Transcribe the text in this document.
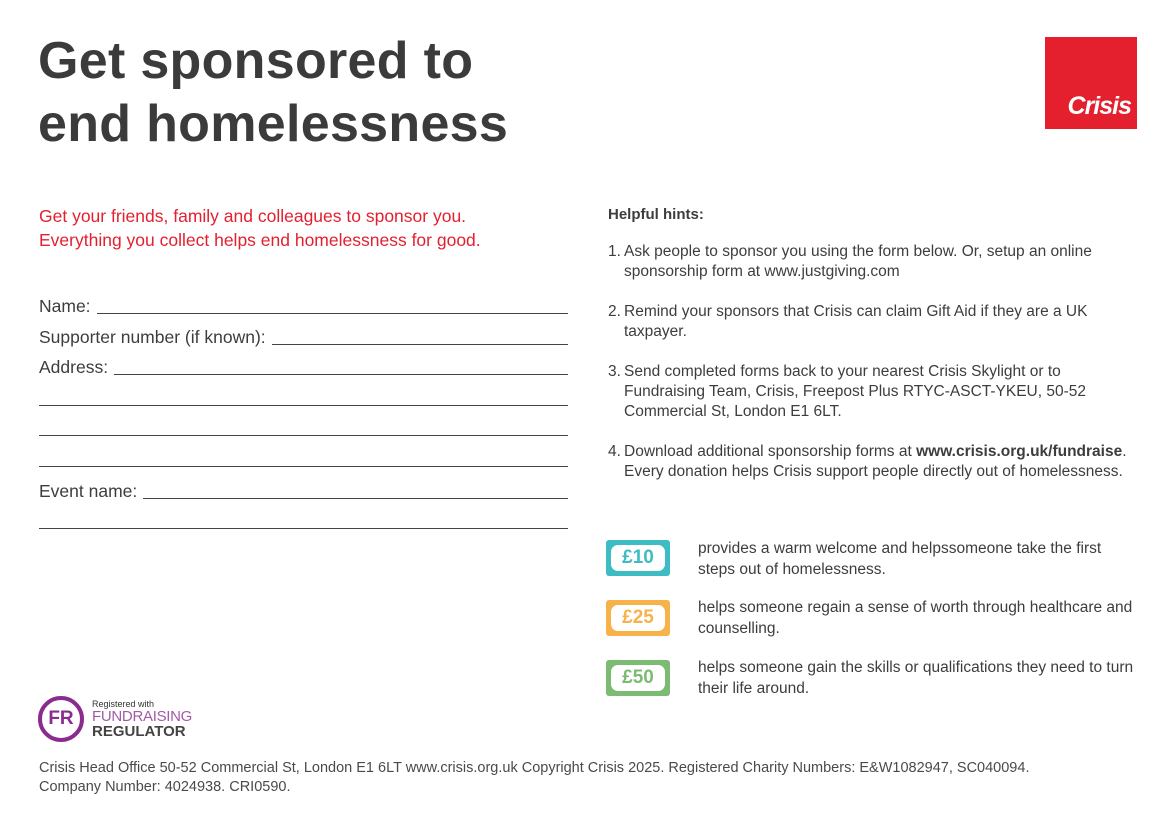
Get sponsored to
end homelessness	Crisis
Get your friends, family and colleagues to sponsor you.
Everything you collect helps end homelessness for good.
Name:
Supporter number (if known):
Address:
Event name:
Helpful hints:
1. Ask people to sponsor you using the form below. Or, setup an online sponsorship form at www.justgiving.com
2. Remind your sponsors that Crisis can claim Gift Aid if they are a UK taxpayer.
3. Send completed forms back to your nearest Crisis Skylight or to Fundraising Team, Crisis, Freepost Plus RTYC-ASCT-YKEU, 50-52 Commercial St, London E1 6LT.
4. Download additional sponsorship forms at www.crisis.org.uk/fundraise. Every donation helps Crisis support people directly out of homelessness.
£10	provides a warm welcome and helpssomeone take the first steps out of homelessness.
£25	helps someone regain a sense of worth through healthcare and counselling.
£50	helps someone gain the skills or qualifications they need to turn their life around.
FR
Registered with
FUNDRAISING
REGULATOR
Crisis Head Office 50-52 Commercial St, London E1 6LT www.crisis.org.uk Copyright Crisis 2025. Registered Charity Numbers: E&W1082947, SC040094.
Company Number: 4024938. CRI0590.
